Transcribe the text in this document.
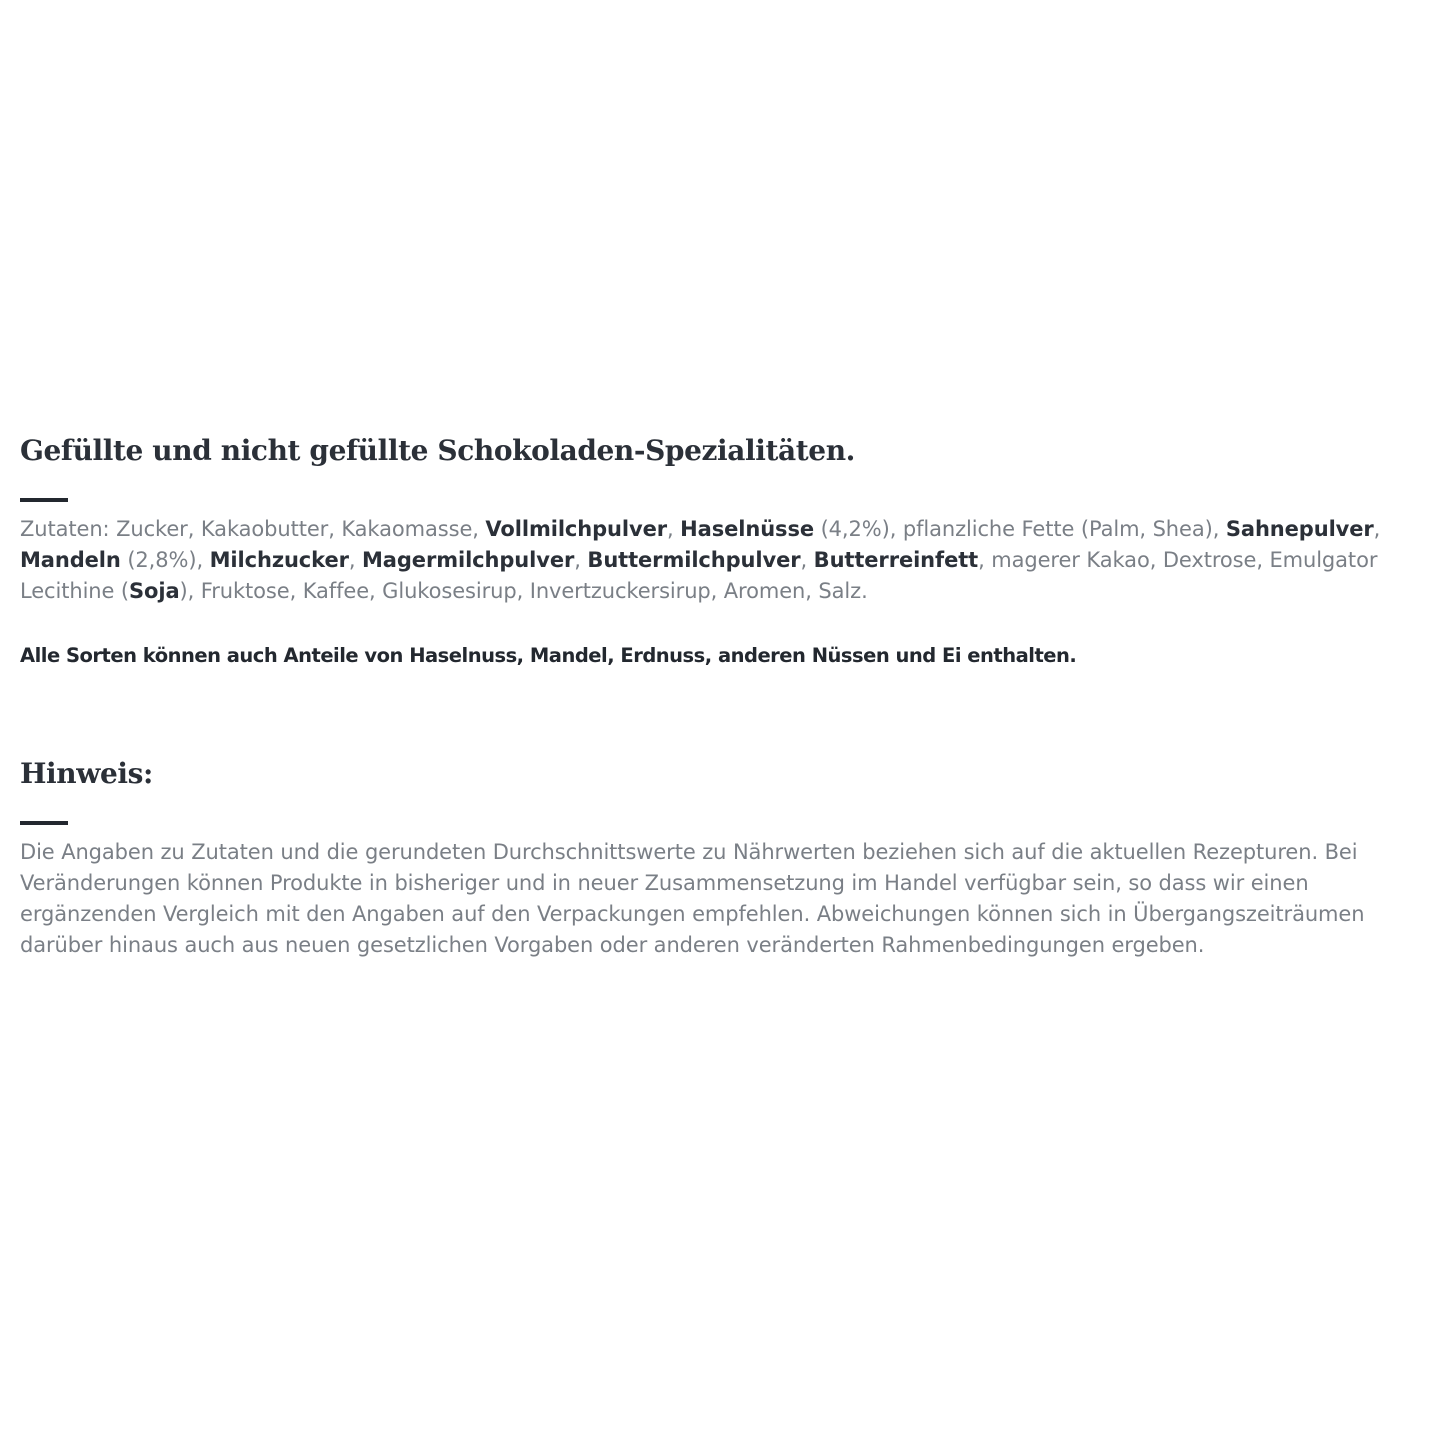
Gefüllte und nicht gefüllte Schokoladen-Spezialitäten.

Zutaten: Zucker, Kakaobutter, Kakaomasse, Vollmilchpulver, Haselnüsse (4,2%), pflanzliche Fette (Palm, Shea), Sahnepulver, Mandeln (2,8%), Milchzucker, Magermilchpulver, Buttermilchpulver, Butterreinfett, magerer Kakao, Dextrose, Emulgator Lecithine (Soja), Fruktose, Kaffee, Glukosesirup, Invertzuckersirup, Aromen, Salz.

Alle Sorten können auch Anteile von Haselnuss, Mandel, Erdnuss, anderen Nüssen und Ei enthalten.

Hinweis:

Die Angaben zu Zutaten und die gerundeten Durchschnittswerte zu Nährwerten beziehen sich auf die aktuellen Rezepturen. Bei Veränderungen können Produkte in bisheriger und in neuer Zusammensetzung im Handel verfügbar sein, so dass wir einen ergänzenden Vergleich mit den Angaben auf den Verpackungen empfehlen. Abweichungen können sich in Übergangszeiträumen darüber hinaus auch aus neuen gesetzlichen Vorgaben oder anderen veränderten Rahmenbedingungen ergeben.
